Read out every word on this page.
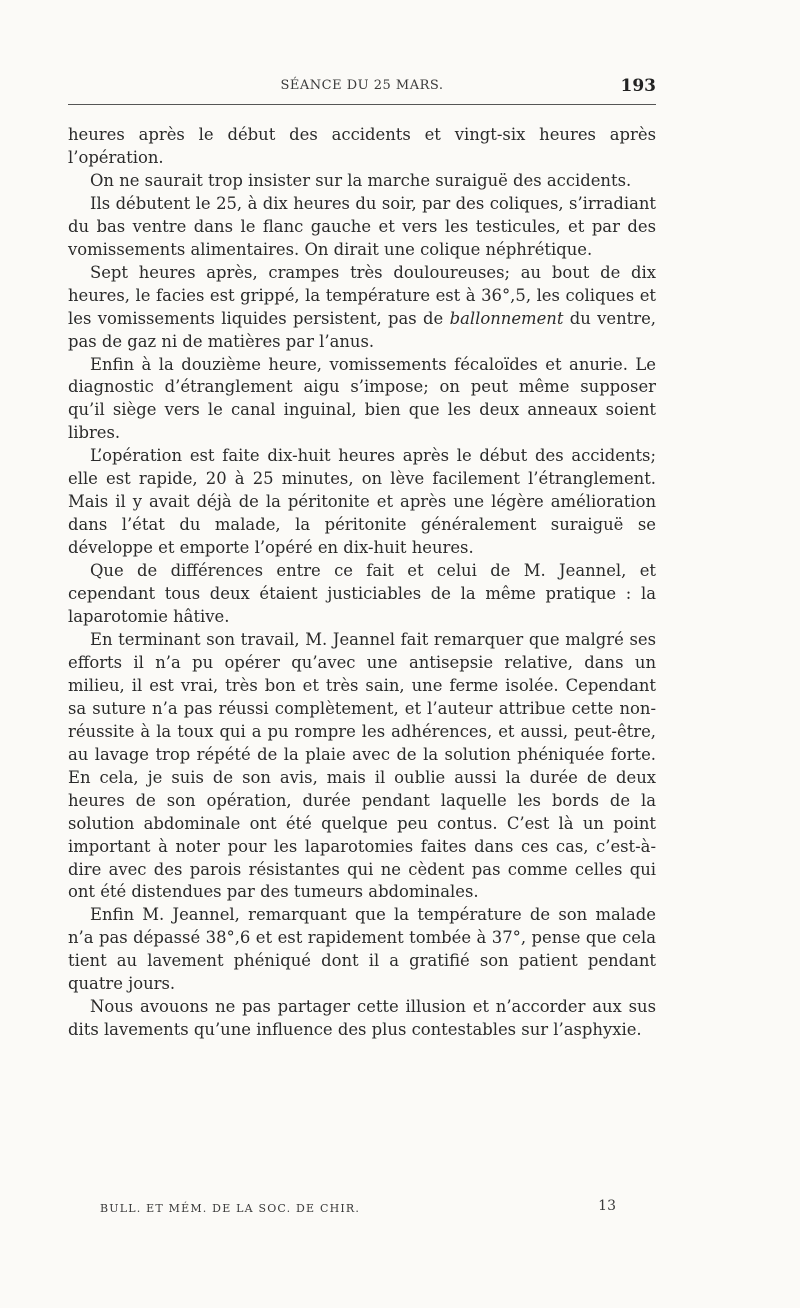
SÉANCE DU 25 MARS.	193

heures après le début des accidents et vingt-six heures après l’opération.

On ne saurait trop insister sur la marche suraiguë des accidents.

Ils débutent le 25, à dix heures du soir, par des coliques, s’irradiant du bas ventre dans le flanc gauche et vers les testicules, et par des vomissements alimentaires. On dirait une colique néphrétique.

Sept heures après, crampes très douloureuses; au bout de dix heures, le facies est grippé, la température est à 36°,5, les coliques et les vomissements liquides persistent, pas de ballonnement du ventre, pas de gaz ni de matières par l’anus.

Enfin à la douzième heure, vomissements fécaloïdes et anurie. Le diagnostic d’étranglement aigu s’impose; on peut même supposer qu’il siège vers le canal inguinal, bien que les deux anneaux soient libres.

L’opération est faite dix-huit heures après le début des accidents; elle est rapide, 20 à 25 minutes, on lève facilement l’étranglement. Mais il y avait déjà de la péritonite et après une légère amélioration dans l’état du malade, la péritonite généralement suraiguë se développe et emporte l’opéré en dix-huit heures.

Que de différences entre ce fait et celui de M. Jeannel, et cependant tous deux étaient justiciables de la même pratique : la laparotomie hâtive.

En terminant son travail, M. Jeannel fait remarquer que malgré ses efforts il n’a pu opérer qu’avec une antisepsie relative, dans un milieu, il est vrai, très bon et très sain, une ferme isolée. Cependant sa suture n’a pas réussi complètement, et l’auteur attribue cette non-réussite à la toux qui a pu rompre les adhérences, et aussi, peut-être, au lavage trop répété de la plaie avec de la solution phéniquée forte. En cela, je suis de son avis, mais il oublie aussi la durée de deux heures de son opération, durée pendant laquelle les bords de la solution abdominale ont été quelque peu contus. C’est là un point important à noter pour les laparotomies faites dans ces cas, c’est-à-dire avec des parois résistantes qui ne cèdent pas comme celles qui ont été distendues par des tumeurs abdominales.

Enfin M. Jeannel, remarquant que la température de son malade n’a pas dépassé 38°,6 et est rapidement tombée à 37°, pense que cela tient au lavement phéniqué dont il a gratifié son patient pendant quatre jours.

Nous avouons ne pas partager cette illusion et n’accorder aux sus dits lavements qu’une influence des plus contestables sur l’asphyxie.

BULL. ET MÉM. DE LA SOC. DE CHIR.	13
